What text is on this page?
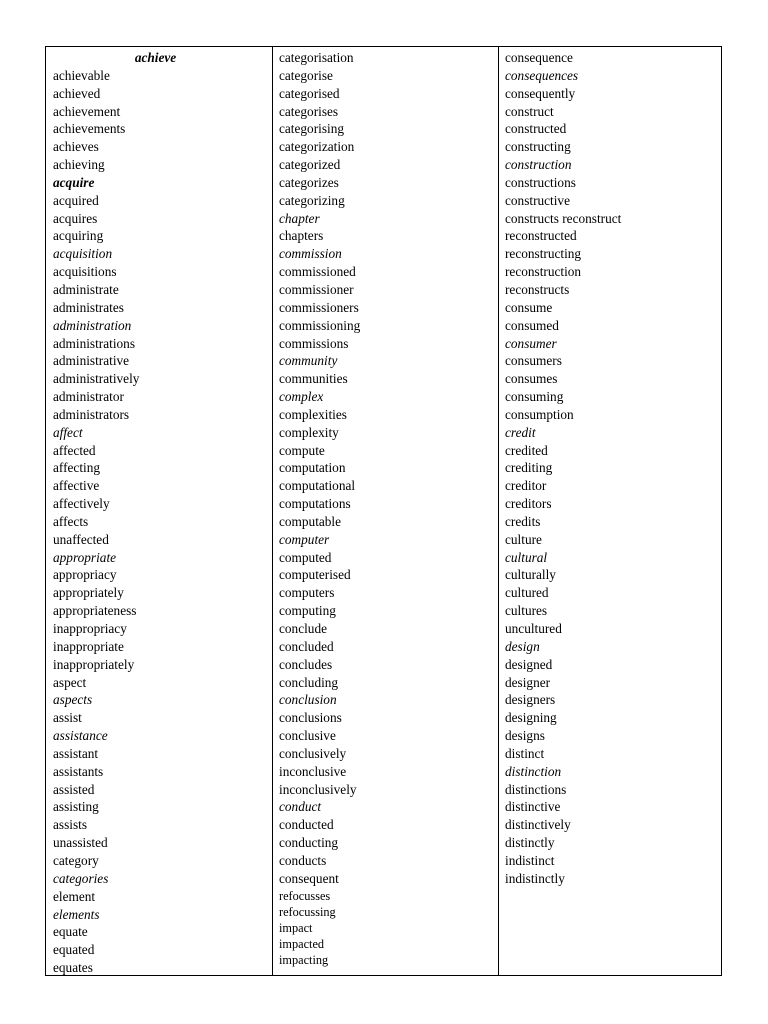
achieve
achievable
achieved
achievement
achievements
achieves
achieving
acquire
acquired
acquires
acquiring
acquisition
acquisitions
administrate
administrates
administration
administrations
administrative
administratively
administrator
administrators
affect
affected
affecting
affective
affectively
affects
unaffected
appropriate
appropriacy
appropriately
appropriateness
inappropriacy
inappropriate
inappropriately
aspect
aspects
assist
assistance
assistant
assistants
assisted
assisting
assists
unassisted
category
categories
element
elements
equate
equated
equates
categorisation
categorise
categorised
categorises
categorising
categorization
categorized
categorizes
categorizing
chapter
chapters
commission
commissioned
commissioner
commissioners
commissioning
commissions
community
communities
complex
complexities
complexity
compute
computation
computational
computations
computable
computer
computed
computerised
computers
computing
conclude
concluded
concludes
concluding
conclusion
conclusions
conclusive
conclusively
inconclusive
inconclusively
conduct
conducted
conducting
conducts
consequent
refocusses
refocussing
impact
impacted
impacting
consequence
consequences
consequently
construct
constructed
constructing
construction
constructions
constructive
constructs reconstruct
reconstructed
reconstructing
reconstruction
reconstructs
consume
consumed
consumer
consumers
consumes
consuming
consumption
credit
credited
crediting
creditor
creditors
credits
culture
cultural
culturally
cultured
cultures
uncultured
design
designed
designer
designers
designing
designs
distinct
distinction
distinctions
distinctive
distinctively
distinctly
indistinct
indistinctly
